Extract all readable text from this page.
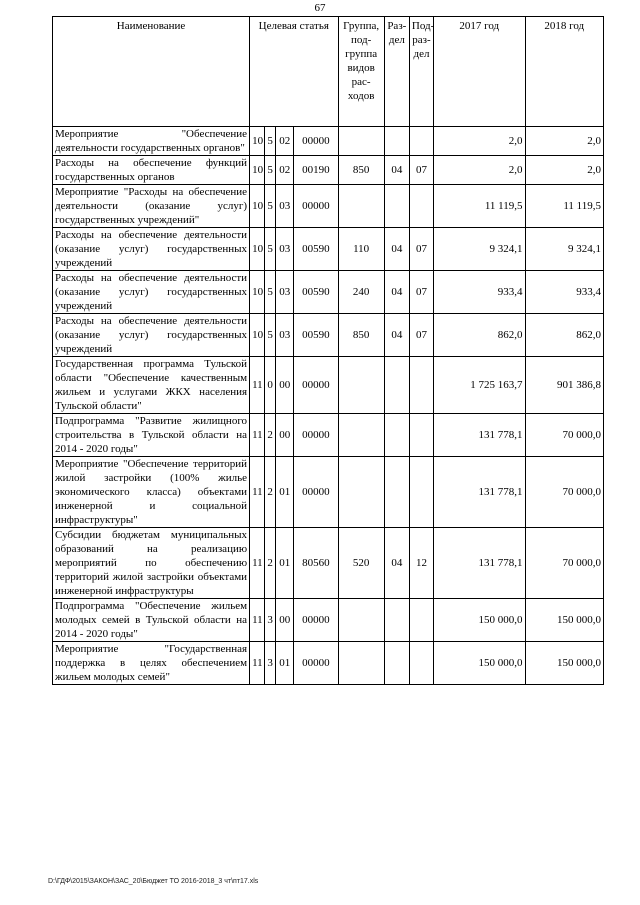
67
Наименование	Целевая статья				Группа, под-группа видов рас-ходов	Раз-дел	Под-раз-дел	2017 год	2018 год
Мероприятие "Обеспечение деятельности государственных органов"	10	5	02	00000				2,0	2,0
Расходы на обеспечение функций государственных органов	10	5	02	00190	850	04	07	2,0	2,0
Мероприятие "Расходы на обеспечение деятельности (оказание услуг) государственных учреждений"	10	5	03	00000				11 119,5	11 119,5
Расходы на обеспечение деятельности (оказание услуг) государственных учреждений	10	5	03	00590	110	04	07	9 324,1	9 324,1
Расходы на обеспечение деятельности (оказание услуг) государственных учреждений	10	5	03	00590	240	04	07	933,4	933,4
Расходы на обеспечение деятельности (оказание услуг) государственных учреждений	10	5	03	00590	850	04	07	862,0	862,0
Государственная программа Тульской области "Обеспечение качественным жильем и услугами ЖКХ населения Тульской области"	11	0	00	00000				1 725 163,7	901 386,8
Подпрограмма "Развитие жилищного строительства в Тульской области на 2014 - 2020 годы"	11	2	00	00000				131 778,1	70 000,0
Мероприятие "Обеспечение территорий жилой застройки (100% жилье экономического класса) объектами инженерной и социальной инфраструктуры"	11	2	01	00000				131 778,1	70 000,0
Субсидии бюджетам муниципальных образований на реализацию мероприятий по обеспечению территорий жилой застройки объектами инженерной инфраструктуры	11	2	01	80560	520	04	12	131 778,1	70 000,0
Подпрограмма "Обеспечение жильем молодых семей в Тульской области на 2014 - 2020 годы"	11	3	00	00000				150 000,0	150 000,0
Мероприятие "Государственная поддержка в целях обеспечением жильем молодых семей"	11	3	01	00000				150 000,0	150 000,0
D:\ГДФ\2015\ЗАКОН\ЗАС_20\Бюджет ТО 2016-2018_3 чт\пт17.xls
